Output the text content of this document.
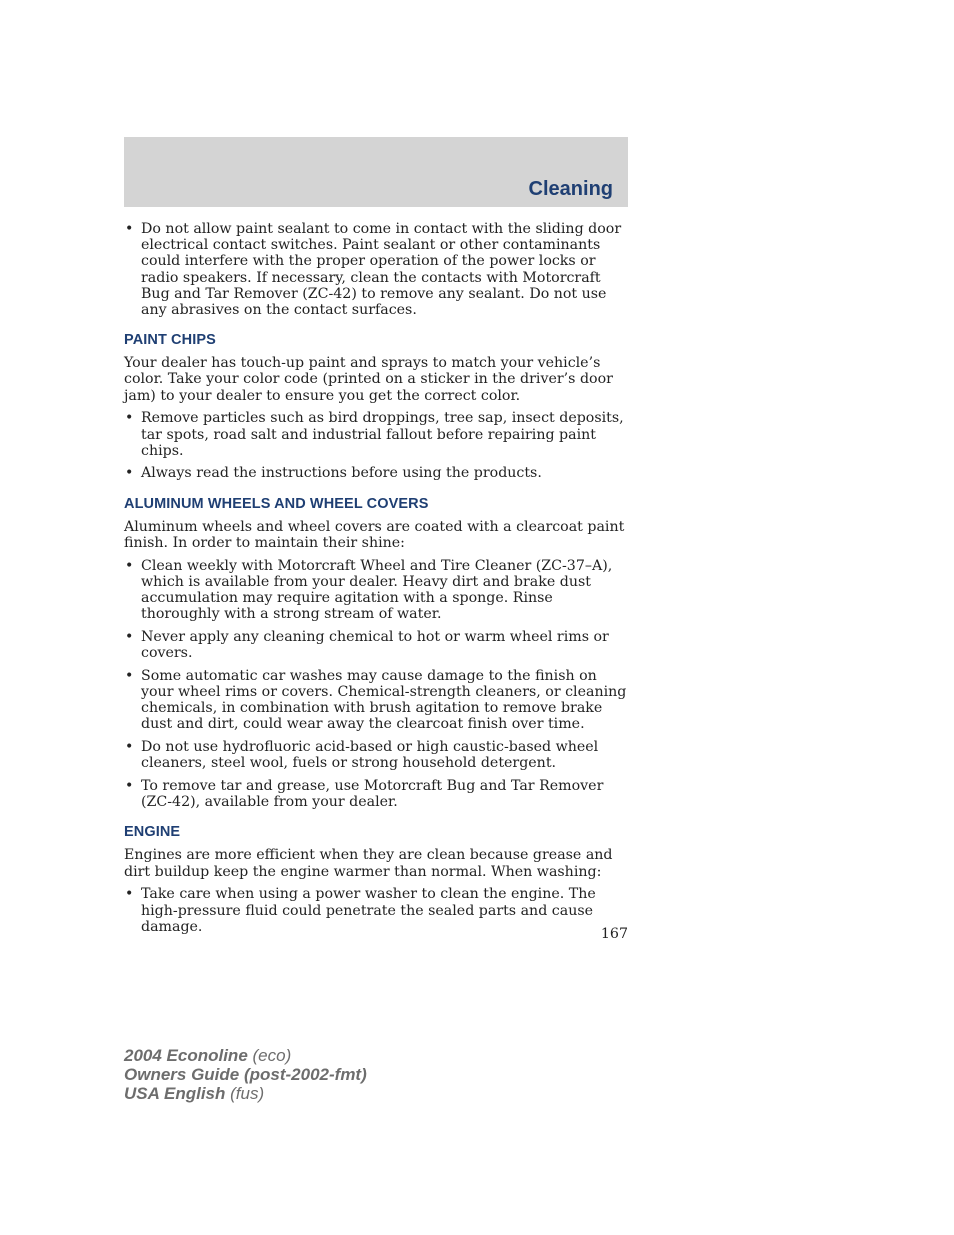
Cleaning
• Do not allow paint sealant to come in contact with the sliding door electrical contact switches. Paint sealant or other contaminants could interfere with the proper operation of the power locks or radio speakers. If necessary, clean the contacts with Motorcraft Bug and Tar Remover (ZC-42) to remove any sealant. Do not use any abrasives on the contact surfaces.
PAINT CHIPS

Your dealer has touch-up paint and sprays to match your vehicle’s color. Take your color code (printed on a sticker in the driver’s door jam) to your dealer to ensure you get the correct color.

• Remove particles such as bird droppings, tree sap, insect deposits, tar spots, road salt and industrial fallout before repairing paint chips.
• Always read the instructions before using the products.
ALUMINUM WHEELS AND WHEEL COVERS

Aluminum wheels and wheel covers are coated with a clearcoat paint finish. In order to maintain their shine:

• Clean weekly with Motorcraft Wheel and Tire Cleaner (ZC-37–A), which is available from your dealer. Heavy dirt and brake dust accumulation may require agitation with a sponge. Rinse thoroughly with a strong stream of water.
• Never apply any cleaning chemical to hot or warm wheel rims or covers.
• Some automatic car washes may cause damage to the finish on your wheel rims or covers. Chemical-strength cleaners, or cleaning chemicals, in combination with brush agitation to remove brake dust and dirt, could wear away the clearcoat finish over time.
• Do not use hydrofluoric acid-based or high caustic-based wheel cleaners, steel wool, fuels or strong household detergent.
• To remove tar and grease, use Motorcraft Bug and Tar Remover (ZC-42), available from your dealer.
ENGINE

Engines are more efficient when they are clean because grease and dirt buildup keep the engine warmer than normal. When washing:

• Take care when using a power washer to clean the engine. The high-pressure fluid could penetrate the sealed parts and cause damage.	167
2004 Econoline (eco)
Owners Guide (post-2002-fmt)
USA English (fus)
